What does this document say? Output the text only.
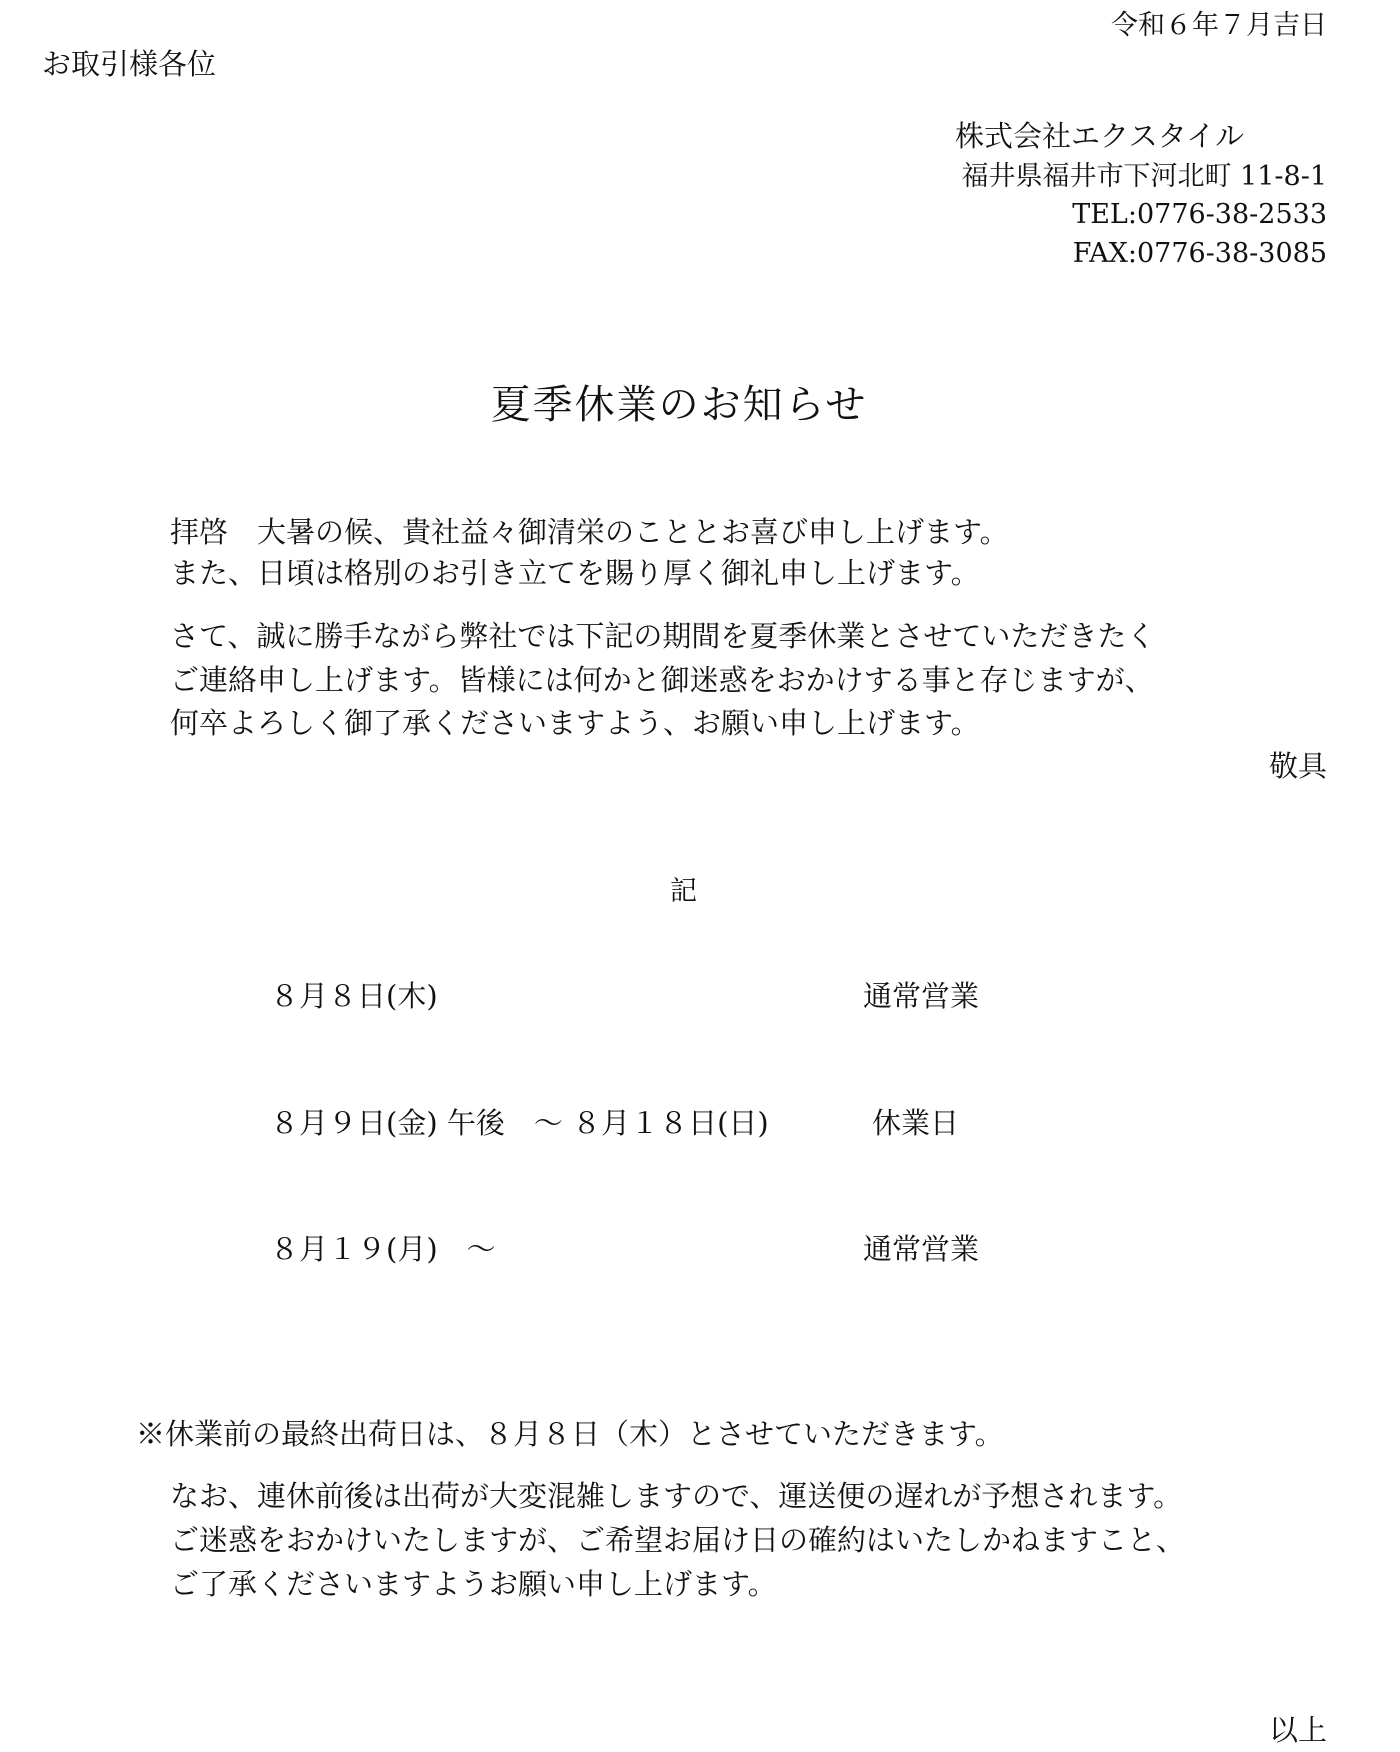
令和６年７月吉日
お取引様各位
株式会社エクスタイル
福井県福井市下河北町 11-8-1
TEL:0776-38-2533
FAX:0776-38-3085
夏季休業のお知らせ
拝啓　大暑の候、貴社益々御清栄のこととお喜び申し上げます。
また、日頃は格別のお引き立てを賜り厚く御礼申し上げます。
さて、誠に勝手ながら弊社では下記の期間を夏季休業とさせていただきたく
ご連絡申し上げます。皆様には何かと御迷惑をおかけする事と存じますが、
何卒よろしく御了承くださいますよう、お願い申し上げます。
敬具
記
８月８日(木)	通常営業
８月９日(金) 午後　～ ８月１８日(日)	休業日
８月１９(月)　～	通常営業
※休業前の最終出荷日は、８月８日（木）とさせていただきます。
なお、連休前後は出荷が大変混雑しますので、運送便の遅れが予想されます。
ご迷惑をおかけいたしますが、ご希望お届け日の確約はいたしかねますこと、
ご了承くださいますようお願い申し上げます。
以上
